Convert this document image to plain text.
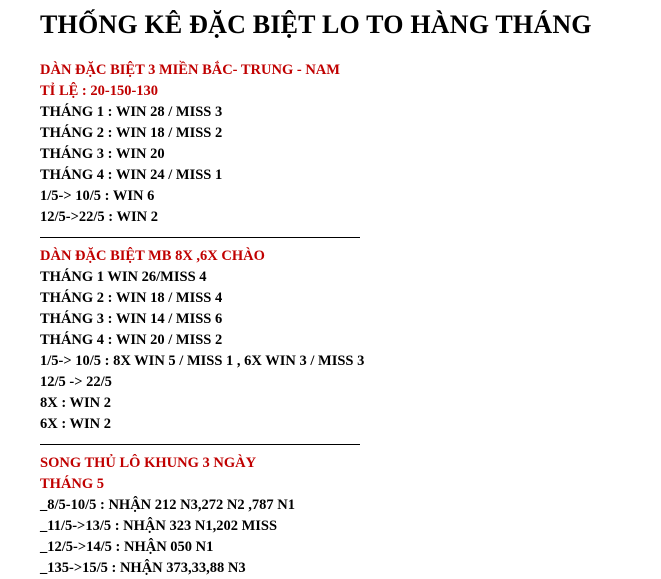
THỐNG KÊ ĐẶC BIỆT LO TO HÀNG THÁNG
DÀN ĐẶC BIỆT 3 MIỀN BẮC- TRUNG - NAM
TỈ LỆ : 20-150-130
THÁNG 1 : WIN 28 / MISS 3
THÁNG 2 : WIN 18 / MISS 2
THÁNG 3 : WIN 20
THÁNG 4 : WIN 24 / MISS 1
1/5-> 10/5 : WIN 6
12/5->22/5 : WIN 2
DÀN ĐẶC BIỆT MB 8X ,6X CHÀO
THÁNG 1 WIN 26/MISS 4
THÁNG 2 : WIN 18 / MISS 4
THÁNG 3 : WIN 14 / MISS 6
THÁNG 4 : WIN 20 / MISS 2
1/5-> 10/5 : 8X WIN 5 / MISS 1 , 6X WIN 3 / MISS 3
12/5 -> 22/5
8X : WIN 2
6X : WIN 2
SONG THỦ LÔ KHUNG 3 NGÀY
THÁNG 5
_8/5-10/5 : NHẬN 212 N3,272 N2 ,787 N1
_11/5->13/5 : NHẬN 323 N1,202 MISS
_12/5->14/5 : NHẬN 050 N1
_135->15/5 : NHẬN 373,33,88 N3
